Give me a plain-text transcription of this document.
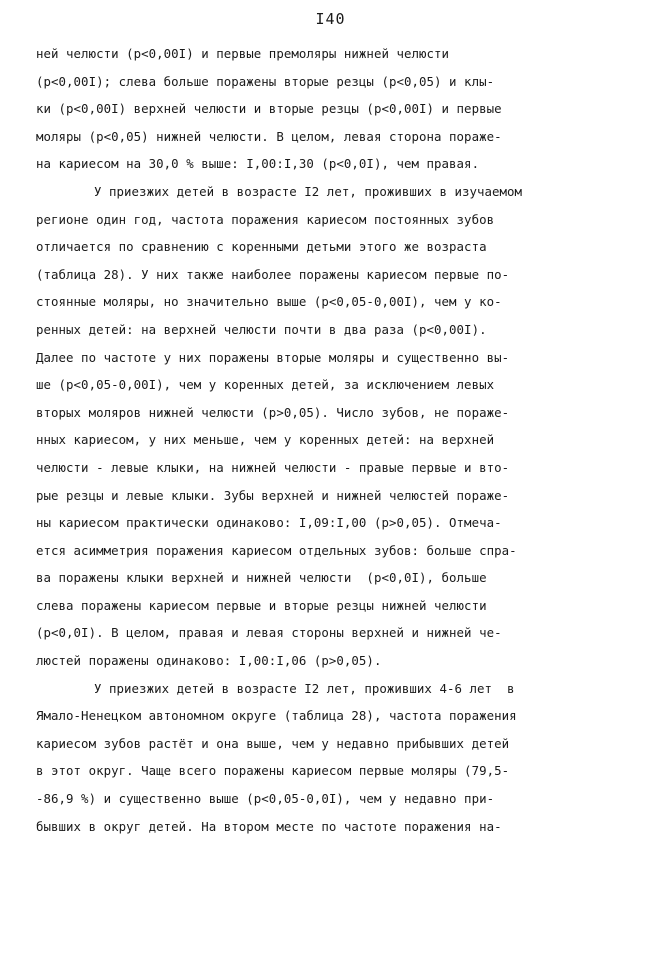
I40
ней челюсти (p<0,00I) и первые премоляры нижней челюсти
(p<0,00I); слева больше поражены вторые резцы (p<0,05) и клы-
ки (p<0,00I) верхней челюсти и вторые резцы (p<0,00I) и первые
моляры (p<0,05) нижней челюсти. В целом, левая сторона пораже-
на кариесом на 30,0 % выше: I,00:I,30 (p<0,0I), чем правая.
У приезжих детей в возрасте I2 лет, проживших в изучаемом
регионе один год, частота поражения кариесом постоянных зубов
отличается по сравнению с коренными детьми этого же возраста
(таблица 28). У них также наиболее поражены кариесом первые по-
стоянные моляры, но значительно выше (p<0,05-0,00I), чем у ко-
ренных детей: на верхней челюсти почти в два раза (p<0,00I).
Далее по частоте у них поражены вторые моляры и существенно вы-
ше (p<0,05-0,00I), чем у коренных детей, за исключением левых
вторых моляров нижней челюсти (p>0,05). Число зубов, не пораже-
нных кариесом, у них меньше, чем у коренных детей: на верхней
челюсти - левые клыки, на нижней челюсти - правые первые и вто-
рые резцы и левые клыки. Зубы верхней и нижней челюстей пораже-
ны кариесом практически одинаково: I,09:I,00 (p>0,05). Отмеча-
ется асимметрия поражения кариесом отдельных зубов: больше спра-
ва поражены клыки верхней и нижней челюсти  (p<0,0I), больше
слева поражены кариесом первые и вторые резцы нижней челюсти
(p<0,0I). В целом, правая и левая стороны верхней и нижней че-
люстей поражены одинаково: I,00:I,06 (p>0,05).
У приезжих детей в возрасте I2 лет, проживших 4-6 лет  в
Ямало-Ненецком автономном округе (таблица 28), частота поражения
кариесом зубов растёт и она выше, чем у недавно прибывших детей
в этот округ. Чаще всего поражены кариесом первые моляры (79,5-
-86,9 %) и существенно выше (p<0,05-0,0I), чем у недавно при-
бывших в округ детей. На втором месте по частоте поражения на-
